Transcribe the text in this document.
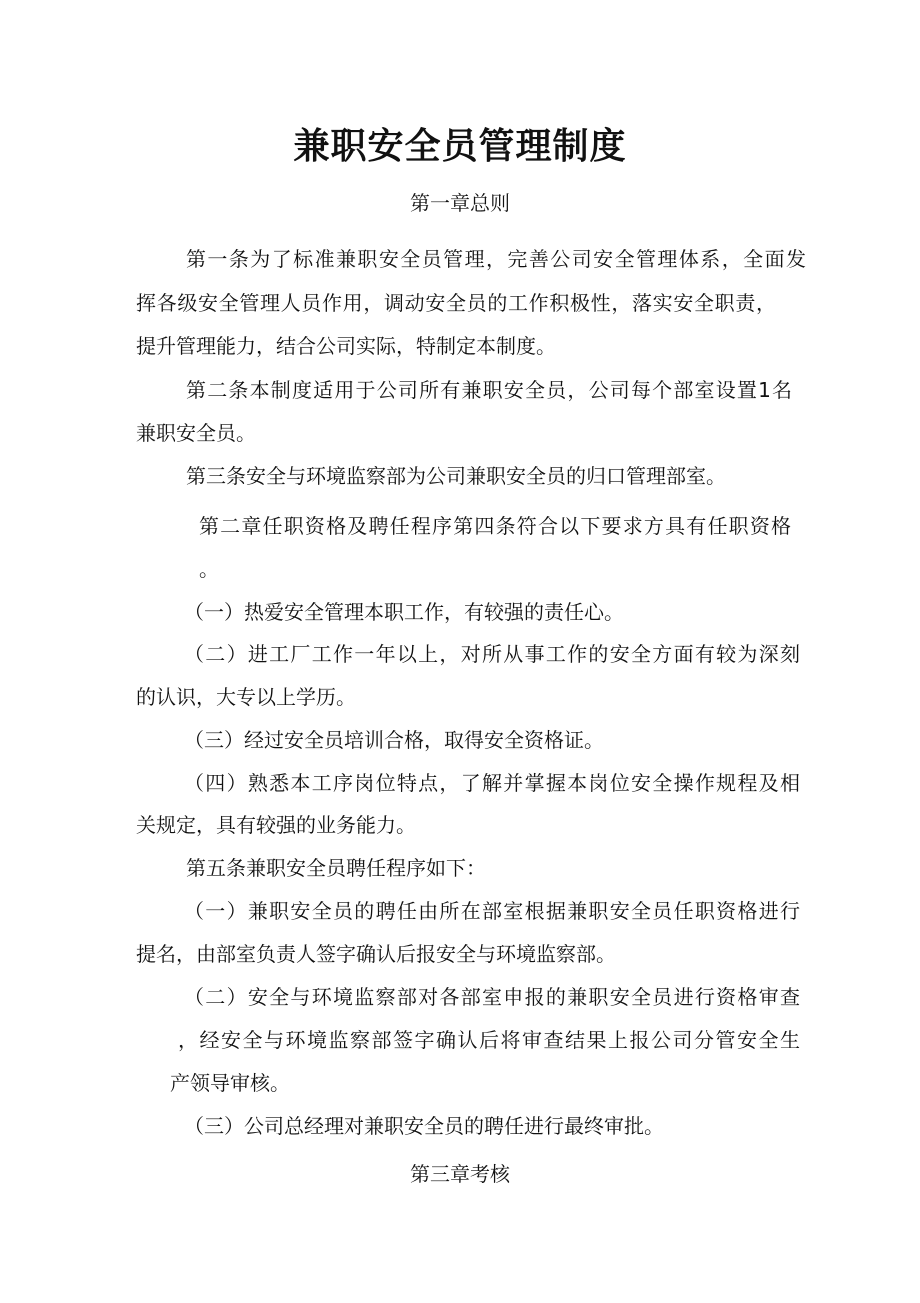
兼职安全员管理制度
第一章总则
第一条为了标准兼职安全员管理，完善公司安全管理体系，全面发
挥各级安全管理人员作用，调动安全员的工作积极性，落实安全职责，
提升管理能力，结合公司实际，特制定本制度。
第二条本制度适用于公司所有兼职安全员，公司每个部室设置1名
兼职安全员。
第三条安全与环境监察部为公司兼职安全员的归口管理部室。
第二章任职资格及聘任程序第四条符合以下要求方具有任职资格
。
（一）热爱安全管理本职工作，有较强的责任心。
（二）进工厂工作一年以上，对所从事工作的安全方面有较为深刻
的认识，大专以上学历。
（三）经过安全员培训合格，取得安全资格证。
（四）熟悉本工序岗位特点，了解并掌握本岗位安全操作规程及相
关规定，具有较强的业务能力。
第五条兼职安全员聘任程序如下：
（一）兼职安全员的聘任由所在部室根据兼职安全员任职资格进行
提名，由部室负责人签字确认后报安全与环境监察部。
（二）安全与环境监察部对各部室申报的兼职安全员进行资格审查
，经安全与环境监察部签字确认后将审查结果上报公司分管安全生
产领导审核。
（三）公司总经理对兼职安全员的聘任进行最终审批。
第三章考核
